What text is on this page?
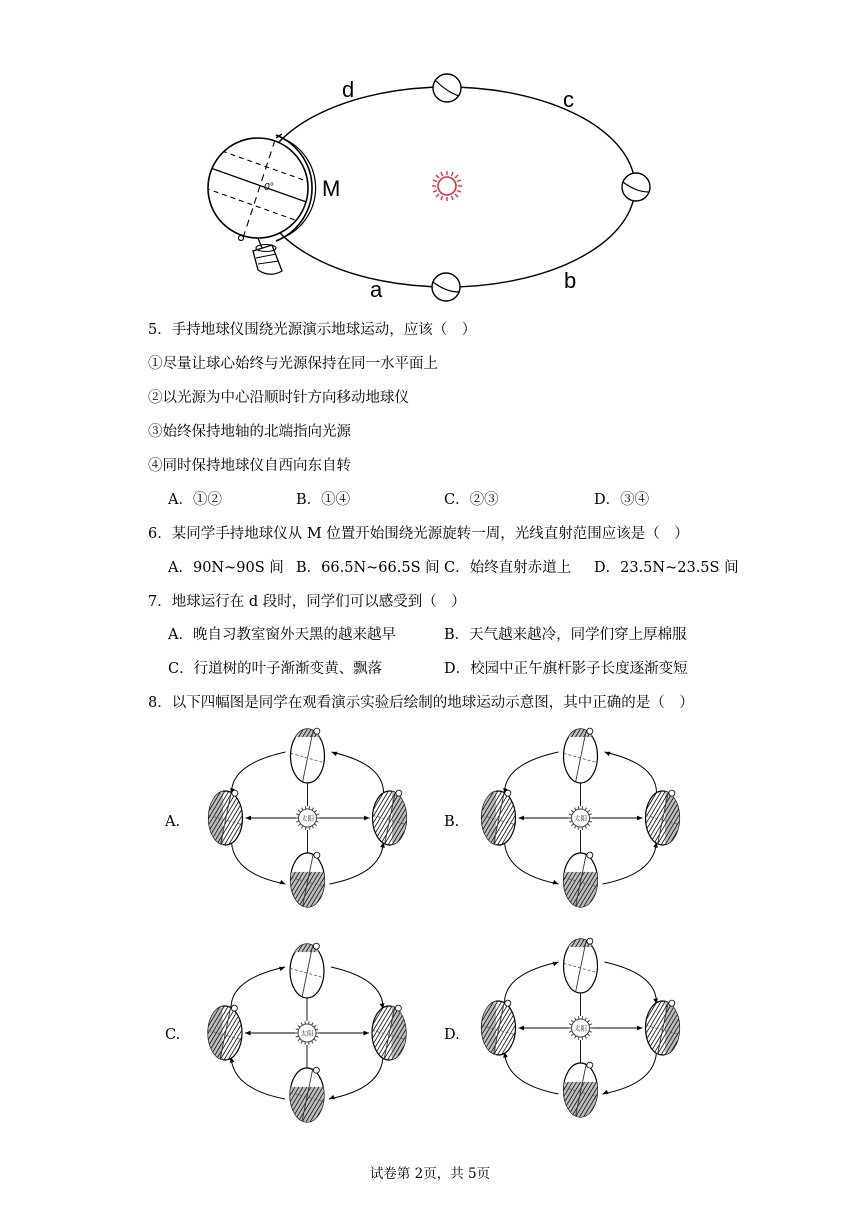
d	c
M
a	b
0°
5．手持地球仪围绕光源演示地球运动，应该（　）
①尽量让球心始终与光源保持在同一水平面上
②以光源为中心沿顺时针方向移动地球仪
③始终保持地轴的北端指向光源
④同时保持地球仪自西向东自转
A．①②	B．①④	C．②③	D．③④
6．某同学手持地球仪从 M 位置开始围绕光源旋转一周，光线直射范围应该是（　）
A．90N~90S 间 B．66.5N~66.5S 间 C．始终直射赤道上 D．23.5N~23.5S 间
7．地球运行在 d 段时，同学们可以感受到（　）
A．晚自习教室窗外天黑的越来越早	B．天气越来越冷，同学们穿上厚棉服
C．行道树的叶子渐渐变黄、飘落	D．校园中正午旗杆影子长度逐渐变短
8．以下四幅图是同学在观看演示实验后绘制的地球运动示意图，其中正确的是（　）
A.	B.
C.	D.
太阳	太阳
太阳
太阳
试卷第 2页，共 5页
